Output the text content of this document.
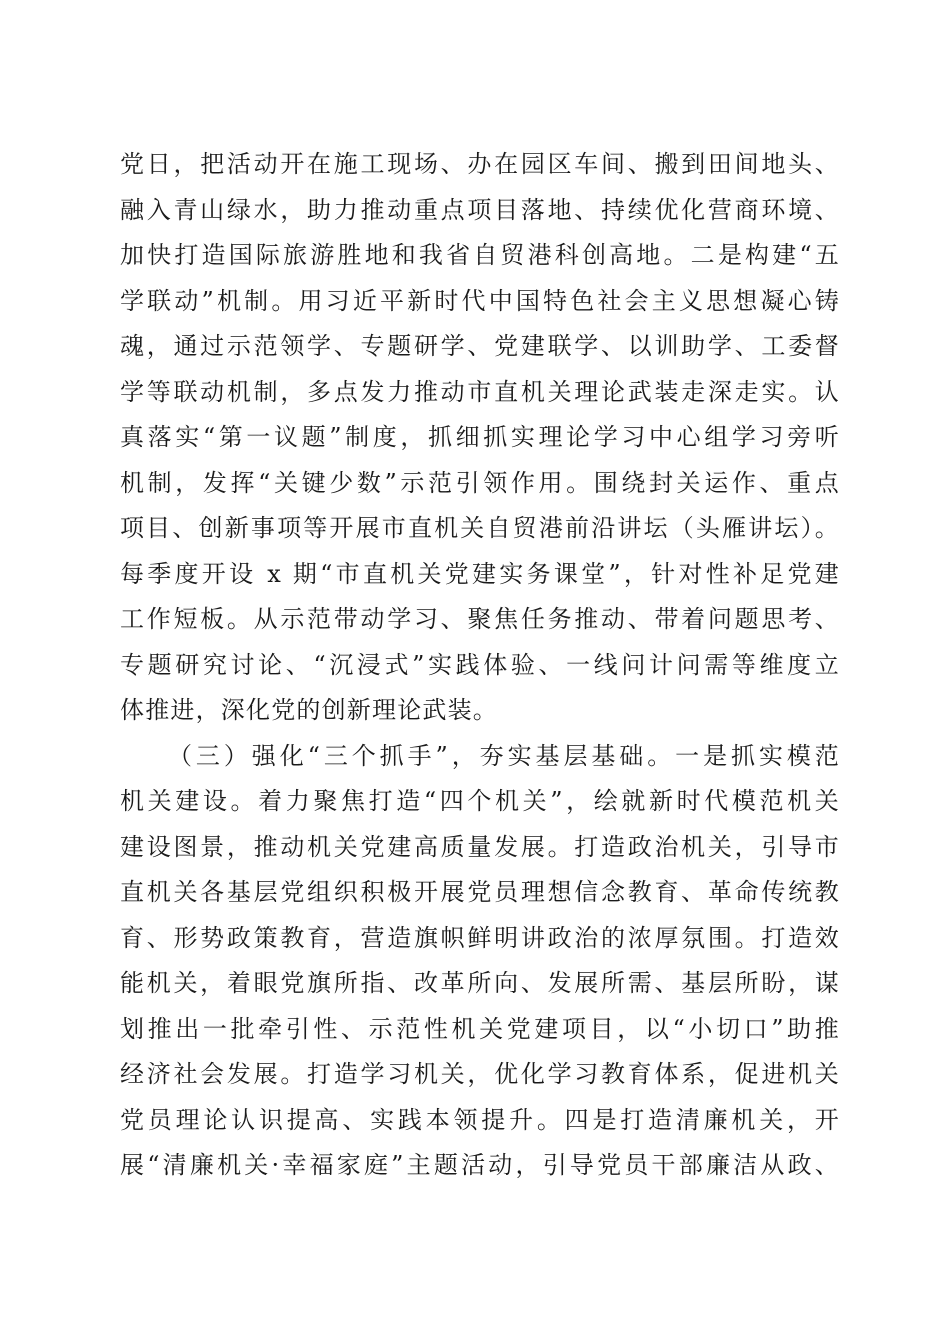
党日，把活动开在施工现场、办在园区车间、搬到田间地头、
融入青山绿水，助力推动重点项目落地、持续优化营商环境、
加快打造国际旅游胜地和我省自贸港科创高地。二是构建“五
学联动”机制。用习近平新时代中国特色社会主义思想凝心铸
魂，通过示范领学、专题研学、党建联学、以训助学、工委督
学等联动机制，多点发力推动市直机关理论武装走深走实。认
真落实“第一议题”制度，抓细抓实理论学习中心组学习旁听
机制，发挥“关键少数”示范引领作用。围绕封关运作、重点
项目、创新事项等开展市直机关自贸港前沿讲坛（头雁讲坛）。
每季度开设 x 期“市直机关党建实务课堂”，针对性补足党建
工作短板。从示范带动学习、聚焦任务推动、带着问题思考、
专题研究讨论、“沉浸式”实践体验、一线问计问需等维度立
体推进，深化党的创新理论武装。
（三）强化“三个抓手”，夯实基层基础。一是抓实模范
机关建设。着力聚焦打造“四个机关”，绘就新时代模范机关
建设图景，推动机关党建高质量发展。打造政治机关，引导市
直机关各基层党组织积极开展党员理想信念教育、革命传统教
育、形势政策教育，营造旗帜鲜明讲政治的浓厚氛围。打造效
能机关，着眼党旗所指、改革所向、发展所需、基层所盼，谋
划推出一批牵引性、示范性机关党建项目，以“小切口”助推
经济社会发展。打造学习机关，优化学习教育体系，促进机关
党员理论认识提高、实践本领提升。四是打造清廉机关，开
展“清廉机关·幸福家庭”主题活动，引导党员干部廉洁从政、
